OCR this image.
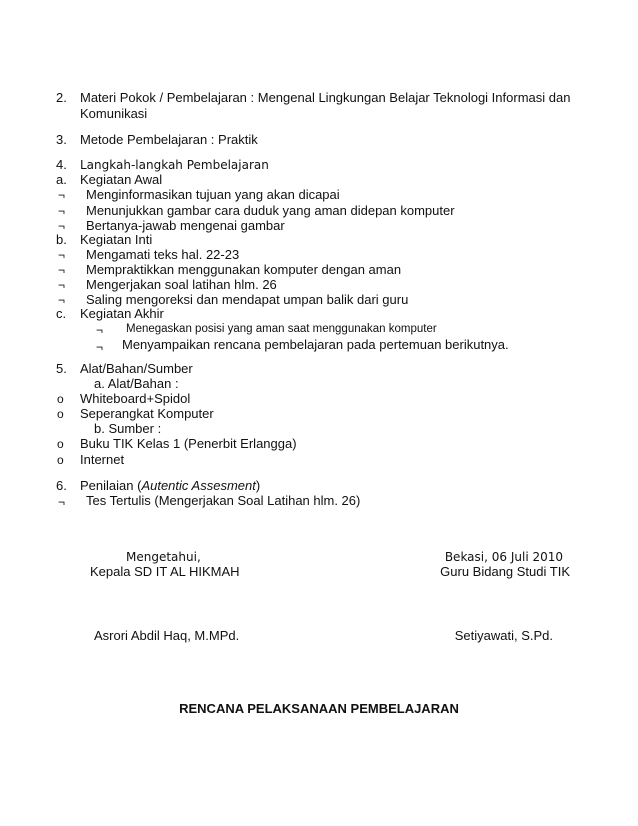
2. Materi Pokok / Pembelajaran : Mengenal Lingkungan Belajar Teknologi Informasi dan
Komunikasi
3. Metode Pembelajaran : Praktik
4. Langkah-langkah Pembelajaran
a. Kegiatan Awal
¬ Menginformasikan tujuan yang akan dicapai
¬ Menunjukkan gambar cara duduk yang aman didepan komputer
¬ Bertanya-jawab mengenai gambar
b. Kegiatan Inti
¬ Mengamati teks hal. 22-23
¬ Mempraktikkan menggunakan komputer dengan aman
¬ Mengerjakan soal latihan hlm. 26
¬ Saling mengoreksi dan mendapat umpan balik dari guru
c. Kegiatan Akhir
¬ Menegaskan posisi yang aman saat menggunakan komputer
¬ Menyampaikan rencana pembelajaran pada pertemuan berikutnya.
5. Alat/Bahan/Sumber
a. Alat/Bahan :
o Whiteboard+Spidol
o Seperangkat Komputer
b. Sumber :
o Buku TIK Kelas 1 (Penerbit Erlangga)
o Internet
6. Penilaian (Autentic Assesment)
¬ Tes Tertulis (Mengerjakan Soal Latihan hlm. 26)
Mengetahui,
Kepala SD IT AL HIKMAH
Asrori Abdil Haq, M.MPd.
Bekasi, 06 Juli 2010
Guru Bidang Studi TIK
Setiyawati, S.Pd.
RENCANA PELAKSANAAN PEMBELAJARAN
